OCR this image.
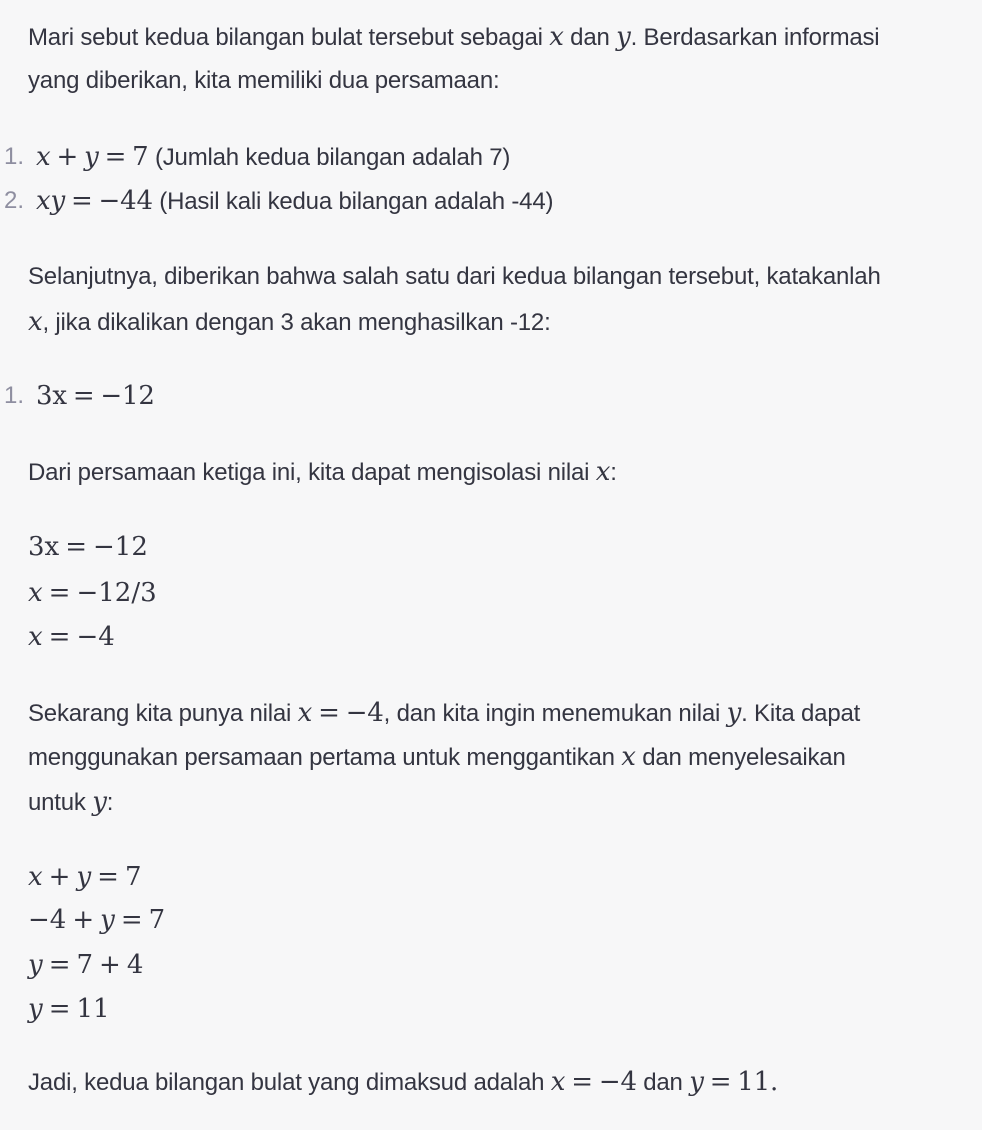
Mari sebut kedua bilangan bulat tersebut sebagai x dan y. Berdasarkan informasi
yang diberikan, kita memiliki dua persamaan:
1. x + y = 7 (Jumlah kedua bilangan adalah 7)
2. xy = −44 (Hasil kali kedua bilangan adalah -44)
Selanjutnya, diberikan bahwa salah satu dari kedua bilangan tersebut, katakanlah
x, jika dikalikan dengan 3 akan menghasilkan -12:
1. 3x = −12
Dari persamaan ketiga ini, kita dapat mengisolasi nilai x:
3x = −12
x = −12/3
x = −4
Sekarang kita punya nilai x = −4, dan kita ingin menemukan nilai y. Kita dapat
menggunakan persamaan pertama untuk menggantikan x dan menyelesaikan
untuk y:
x + y = 7
−4 + y = 7
y = 7 + 4
y = 11
Jadi, kedua bilangan bulat yang dimaksud adalah x = −4 dan y = 11.
